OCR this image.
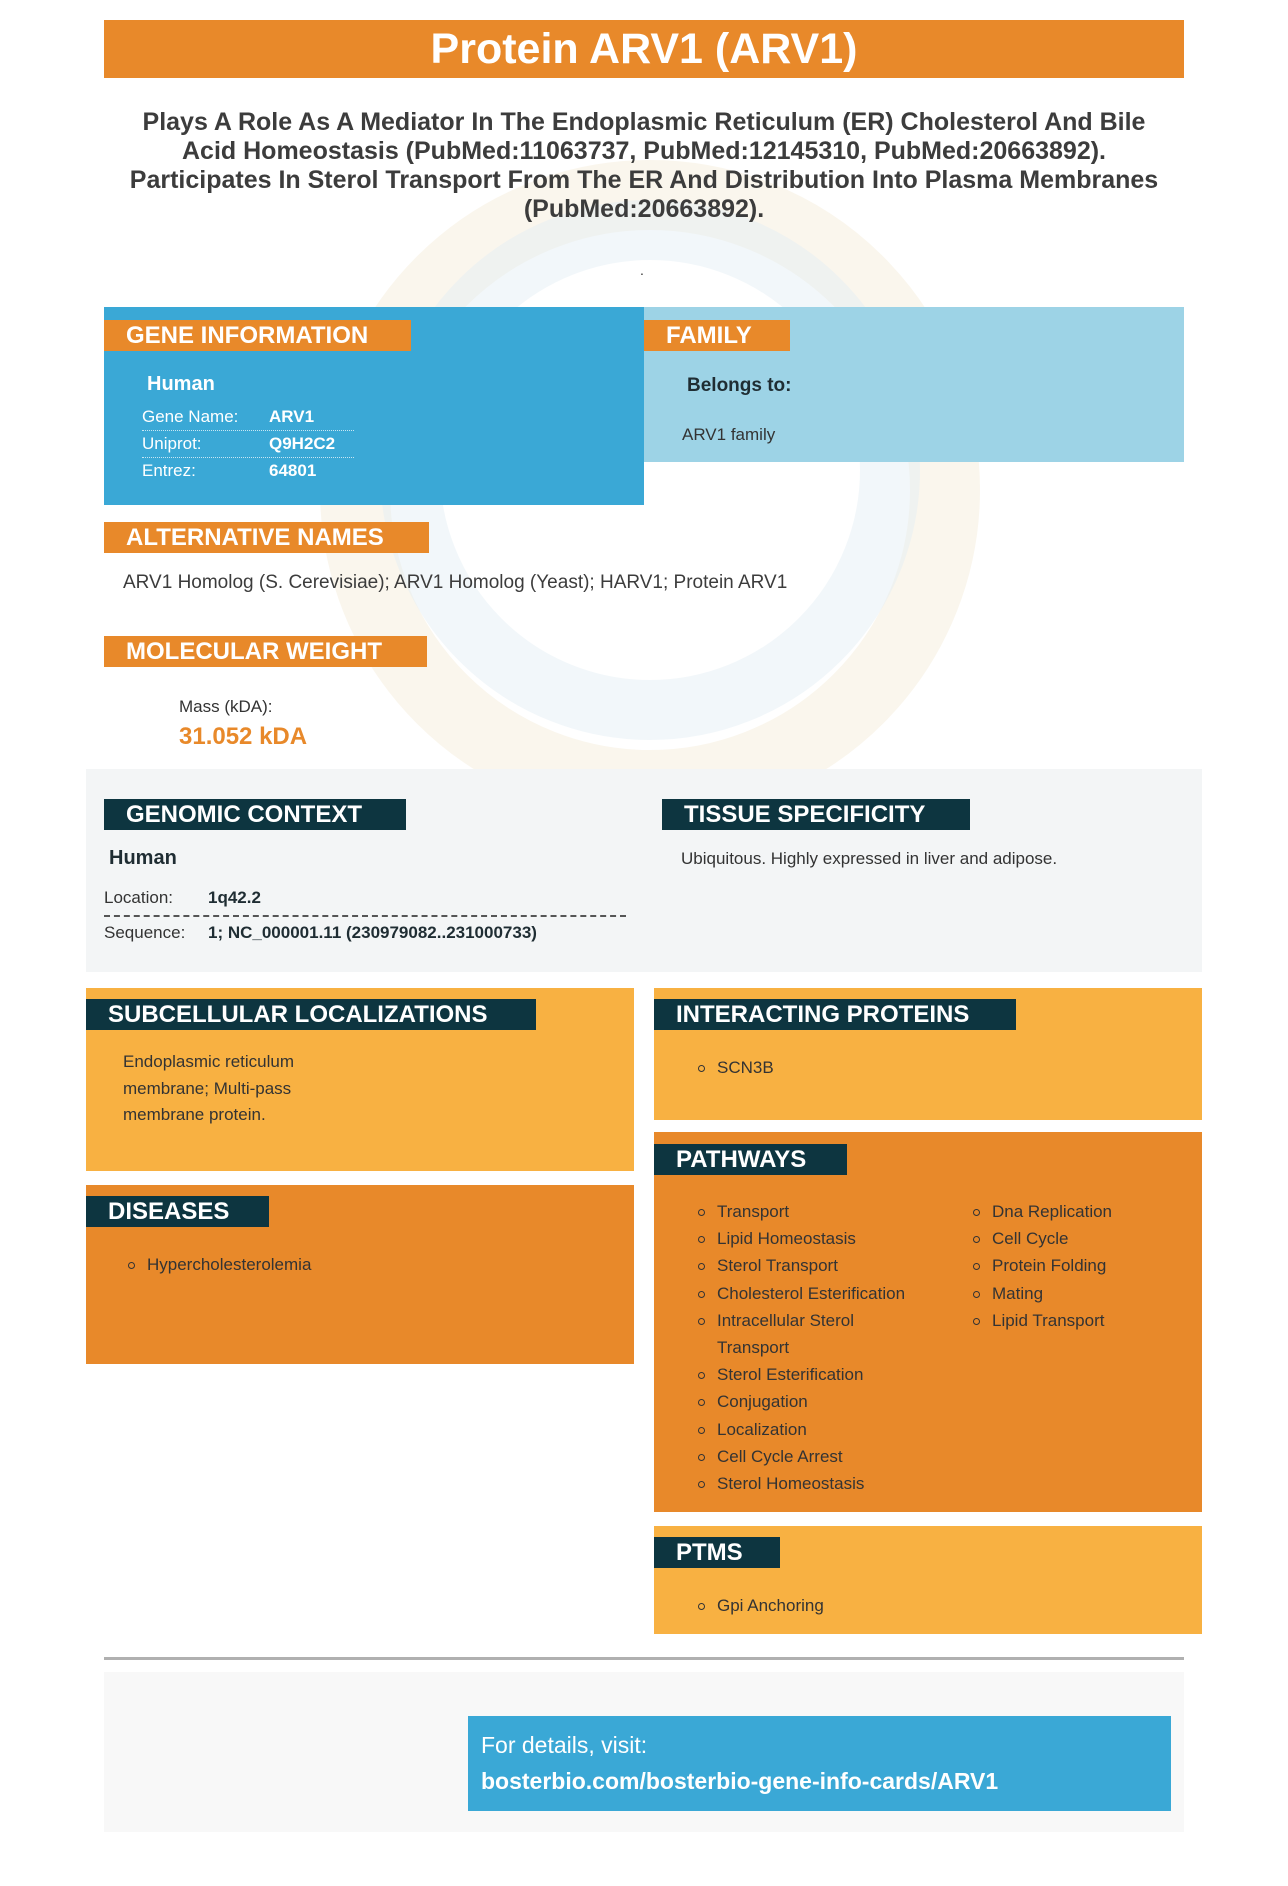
Protein ARV1 (ARV1)
Plays A Role As A Mediator In The Endoplasmic Reticulum (ER) Cholesterol And Bile Acid Homeostasis (PubMed:11063737, PubMed:12145310, PubMed:20663892). Participates In Sterol Transport From The ER And Distribution Into Plasma Membranes (PubMed:20663892).
.
GENE INFORMATION
Human
Gene Name: ARV1
Uniprot:	Q9H2C2
Entrez:	64801
FAMILY
Belongs to:
ARV1 family
ALTERNATIVE NAMES
ARV1 Homolog (S. Cerevisiae); ARV1 Homolog (Yeast); HARV1; Protein ARV1
MOLECULAR WEIGHT
Mass (kDA):
31.052 kDA
GENOMIC CONTEXT
Human
Location: 1q42.2
Sequence: 1; NC_000001.11 (230979082..231000733)
TISSUE SPECIFICITY
Ubiquitous. Highly expressed in liver and adipose.
SUBCELLULAR LOCALIZATIONS
Endoplasmic reticulum
membrane; Multi-pass
membrane protein.
INTERACTING PROTEINS
SCN3B
DISEASES
Hypercholesterolemia
PATHWAYS
Transport
Lipid Homeostasis
Sterol Transport
Cholesterol Esterification
Intracellular Sterol Transport
Sterol Esterification
Conjugation
Localization
Cell Cycle Arrest
Sterol Homeostasis
Dna Replication
Cell Cycle
Protein Folding
Mating
Lipid Transport
PTMS
Gpi Anchoring
For details, visit:
bosterbio.com/bosterbio-gene-info-cards/ARV1
